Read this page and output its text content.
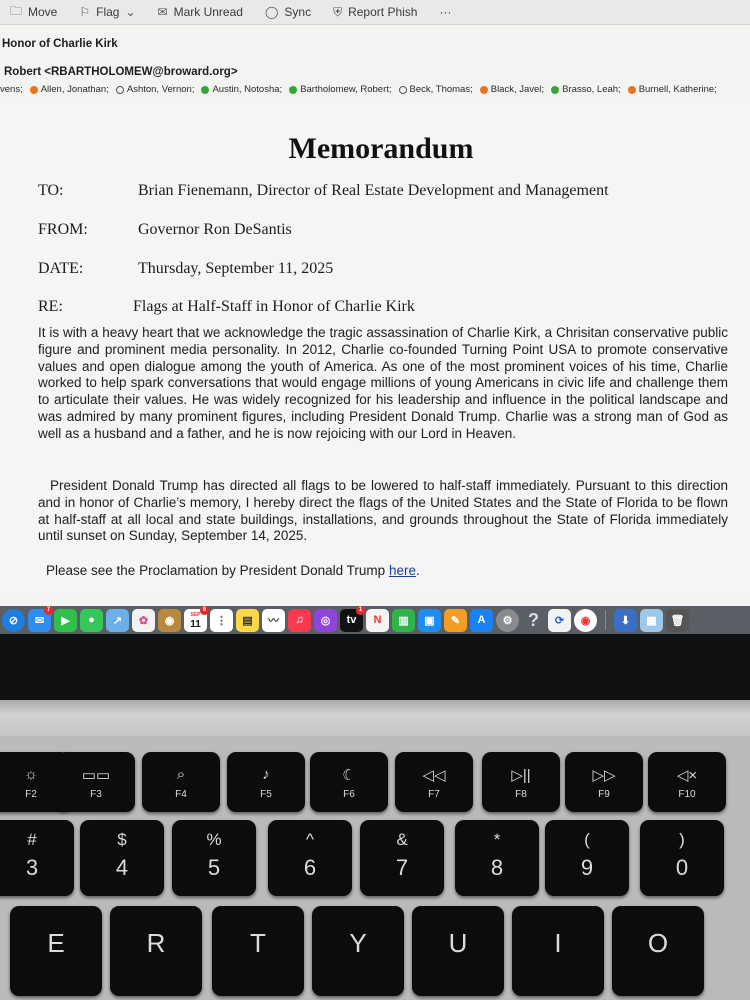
🗀 Move ⚐ Flag ⌄ ✉ Mark Unread ◯ Sync ⛨ Report Phish ···
Honor of Charlie Kirk
Robert <RBARTHOLOMEW@broward.org>
vens; Allen, Jonathan; Ashton, Vernon; Austin, Notosha; Bartholomew, Robert; Beck, Thomas; Black, Javel; Brasso, Leah; Burnell, Katherine;
Memorandum
TO:	Brian Fienemann, Director of Real Estate Development and Management
FROM:	Governor Ron DeSantis
DATE:	Thursday, September 11, 2025
RE:	Flags at Half-Staff in Honor of Charlie Kirk
It is with a heavy heart that we acknowledge the tragic assassination of Charlie Kirk, a Chrisitan conservative public figure and prominent media personality. In 2012, Charlie co-founded Turning Point USA to promote conservative values and open dialogue among the youth of America. As one of the most prominent voices of his time, Charlie worked to help spark conversations that would engage millions of young Americans in civic life and challenge them to articulate their values. He was widely recognized for his leadership and influence in the political landscape and was admired by many prominent figures, including President Donald Trump. Charlie was a strong man of God as well as a husband and a father, and he is now rejoicing with our Lord in Heaven.
President Donald Trump has directed all flags to be lowered to half-staff immediately. Pursuant to this direction and in honor of Charlie’s memory, I hereby direct the flags of the United States and the State of Florida to be flown at half-staff at all local and state buildings, installations, and grounds throughout the State of Florida immediately until sunset on Sunday, September 14, 2025.
Please see the Proclamation by President Donald Trump here.
⊘	✉
7
▶	●	↗	✿	◉	SEP
11
6
⋮	▤	〰	♫	◎	tv
1
N	▥	▣	✎	A	⚙ ?	⟳	◉	⬇	▦	🗑
☼
F2
▭▭
F3
⌕
F4
♪
F5
☾
F6
◁◁
F7
▷||
F8
▷▷
F9
◁×
F10
#
3
$
4
%
5
^
6
&
7
*
8
(
9
)
0
E	R	T	Y	U	I	O
